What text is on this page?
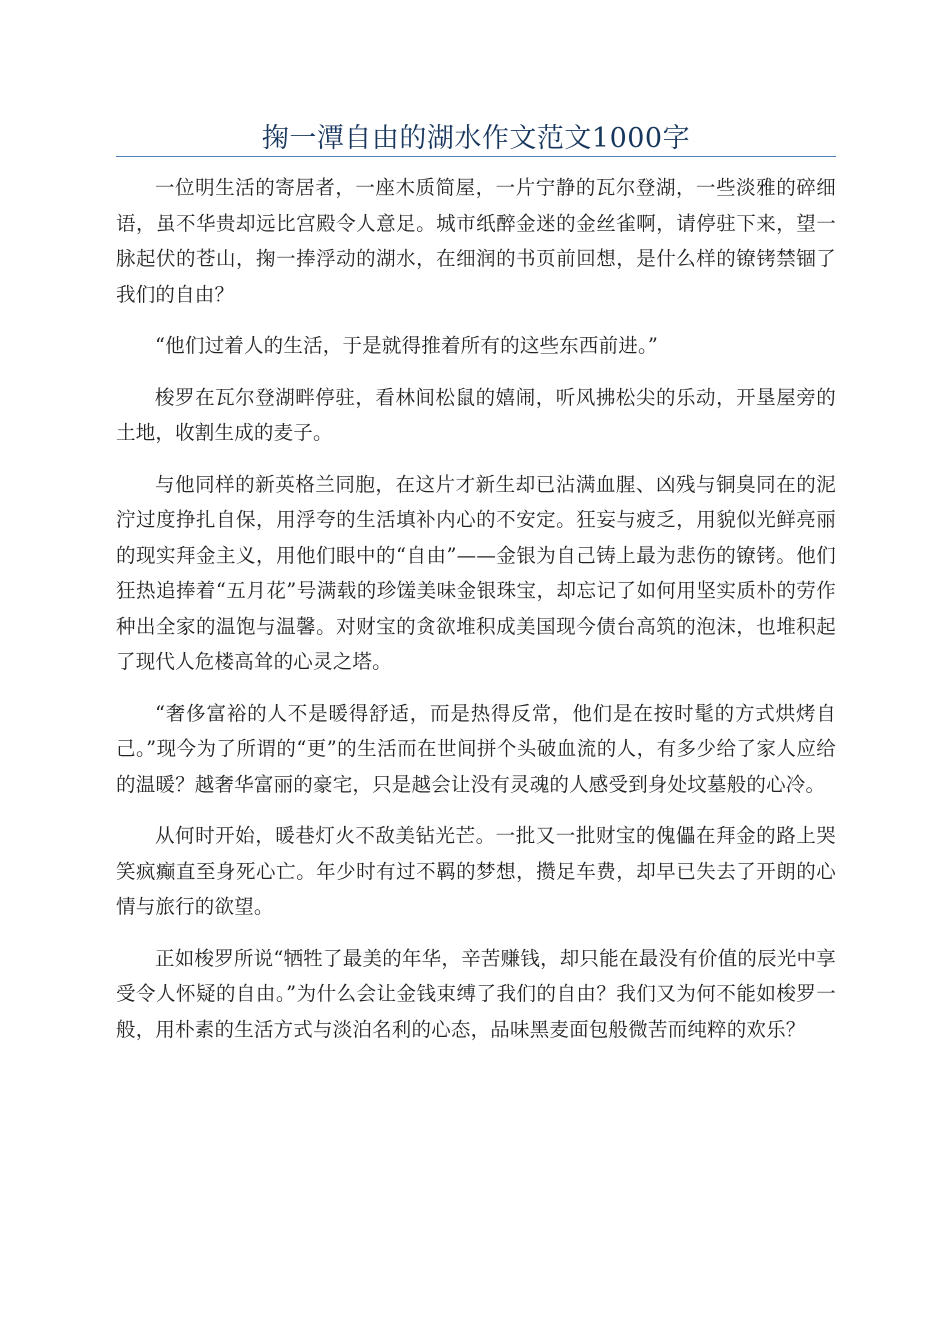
掬一潭自由的湖水作文范文1000字

一位明生活的寄居者，一座木质简屋，一片宁静的瓦尔登湖，一些淡雅的碎细语，虽不华贵却远比宫殿令人意足。城市纸醉金迷的金丝雀啊，请停驻下来，望一脉起伏的苍山，掬一捧浮动的湖水，在细润的书页前回想，是什么样的镣铐禁锢了我们的自由？

“他们过着人的生活，于是就得推着所有的这些东西前进。”

梭罗在瓦尔登湖畔停驻，看林间松鼠的嬉闹，听风拂松尖的乐动，开垦屋旁的土地，收割生成的麦子。

与他同样的新英格兰同胞，在这片才新生却已沾满血腥、凶残与铜臭同在的泥泞过度挣扎自保，用浮夸的生活填补内心的不安定。狂妄与疲乏，用貌似光鲜亮丽的现实拜金主义，用他们眼中的“自由”——金银为自己铸上最为悲伤的镣铐。他们狂热追捧着“五月花”号满载的珍馐美味金银珠宝，却忘记了如何用坚实质朴的劳作种出全家的温饱与温馨。对财宝的贪欲堆积成美国现今债台高筑的泡沫，也堆积起了现代人危楼高耸的心灵之塔。

“奢侈富裕的人不是暖得舒适，而是热得反常，他们是在按时髦的方式烘烤自己。”现今为了所谓的“更”的生活而在世间拼个头破血流的人，有多少给了家人应给的温暖？越奢华富丽的豪宅，只是越会让没有灵魂的人感受到身处坟墓般的心冷。

从何时开始，暖巷灯火不敌美钻光芒。一批又一批财宝的傀儡在拜金的路上哭笑疯癫直至身死心亡。年少时有过不羁的梦想，攒足车费，却早已失去了开朗的心情与旅行的欲望。

正如梭罗所说“牺牲了最美的年华，辛苦赚钱，却只能在最没有价值的辰光中享受令人怀疑的自由。”为什么会让金钱束缚了我们的自由？我们又为何不能如梭罗一般，用朴素的生活方式与淡泊名利的心态，品味黑麦面包般微苦而纯粹的欢乐？
